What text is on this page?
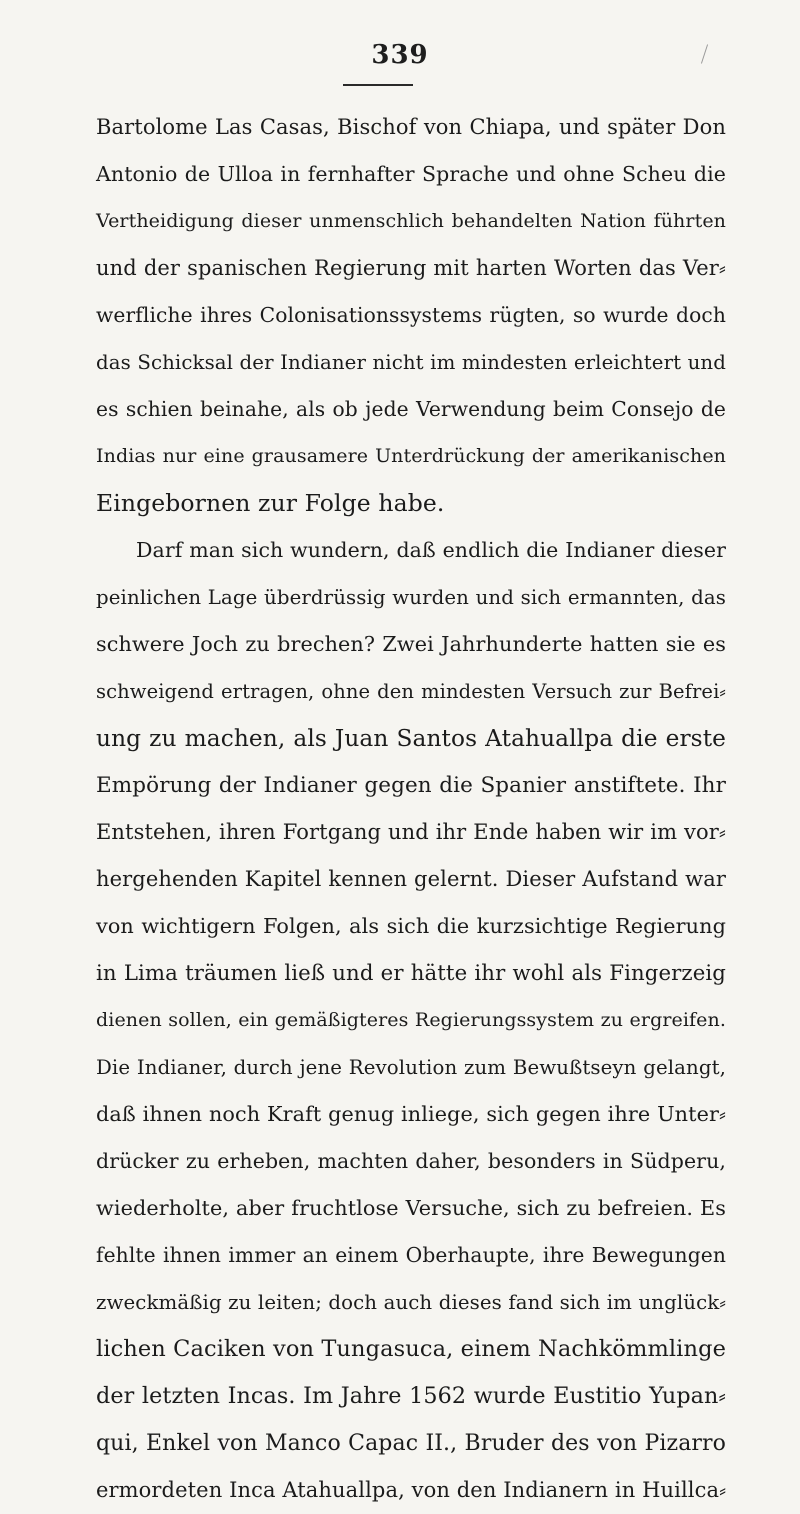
339
Bartolome Las Casas, Bischof von Chiapa, und später Don
Antonio de Ulloa in fernhafter Sprache und ohne Scheu die
Vertheidigung dieser unmenschlich behandelten Nation führten
und der spanischen Regierung mit harten Worten das Ver⸗
werfliche ihres Colonisationssystems rügten, so wurde doch
das Schicksal der Indianer nicht im mindesten erleichtert und
es schien beinahe, als ob jede Verwendung beim Consejo de
Indias nur eine grausamere Unterdrückung der amerikanischen
Eingebornen zur Folge habe.
Darf man sich wundern, daß endlich die Indianer dieser
peinlichen Lage überdrüssig wurden und sich ermannten, das
schwere Joch zu brechen? Zwei Jahrhunderte hatten sie es
schweigend ertragen, ohne den mindesten Versuch zur Befrei⸗
ung zu machen, als Juan Santos Atahuallpa die erste
Empörung der Indianer gegen die Spanier anstiftete. Ihr
Entstehen, ihren Fortgang und ihr Ende haben wir im vor⸗
hergehenden Kapitel kennen gelernt. Dieser Aufstand war
von wichtigern Folgen, als sich die kurzsichtige Regierung
in Lima träumen ließ und er hätte ihr wohl als Fingerzeig
dienen sollen, ein gemäßigteres Regierungssystem zu ergreifen.
Die Indianer, durch jene Revolution zum Bewußtseyn gelangt,
daß ihnen noch Kraft genug inliege, sich gegen ihre Unter⸗
drücker zu erheben, machten daher, besonders in Südperu,
wiederholte, aber fruchtlose Versuche, sich zu befreien. Es
fehlte ihnen immer an einem Oberhaupte, ihre Bewegungen
zweckmäßig zu leiten; doch auch dieses fand sich im unglück⸗
lichen Caciken von Tungasuca, einem Nachkömmlinge
der letzten Incas. Im Jahre 1562 wurde Eustitio Yupan⸗
qui, Enkel von Manco Capac II., Bruder des von Pizarro
ermordeten Inca Atahuallpa, von den Indianern in Huillca⸗
